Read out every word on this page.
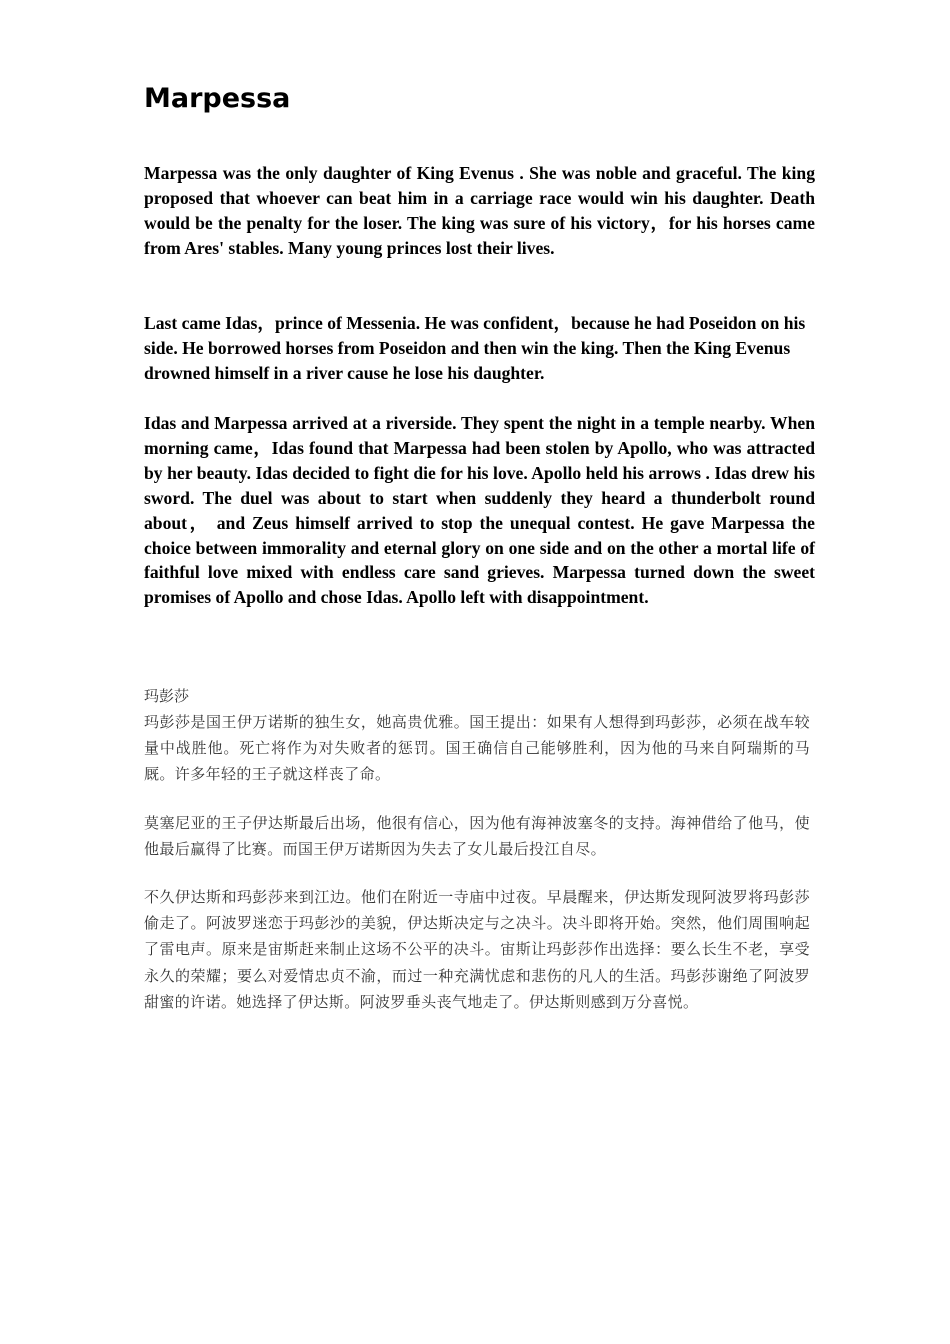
Marpessa

Marpessa was the only daughter of King Evenus . She was noble and graceful. The king proposed that whoever can beat him in a carriage race would win his daughter. Death would be the penalty for the loser. The king was sure of his victory，for his horses came from Ares' stables. Many young princes lost their lives.

Last came Idas，prince of Messenia. He was confident，because he had Poseidon on his side. He borrowed horses from Poseidon and then win the king. Then the King Evenus drowned himself in a river cause he lose his daughter.

Idas and Marpessa arrived at a riverside. They spent the night in a temple nearby. When morning came，Idas found that Marpessa had been stolen by Apollo, who was attracted by her beauty. Idas decided to fight die for his love. Apollo held his arrows . Idas drew his sword. The duel was about to start when suddenly they heard a thunderbolt round about， and Zeus himself arrived to stop the unequal contest. He gave Marpessa the choice between immorality and eternal glory on one side and on the other a mortal life of faithful love mixed with endless care sand grieves. Marpessa turned down the sweet promises of Apollo and chose Idas. Apollo left with disappointment.

玛彭莎

玛彭莎是国王伊万诺斯的独生女，她高贵优雅。国王提出：如果有人想得到玛彭莎，必须在战车较量中战胜他。死亡将作为对失败者的惩罚。国王确信自己能够胜利，因为他的马来自阿瑞斯的马厩。许多年轻的王子就这样丧了命。

莫塞尼亚的王子伊达斯最后出场，他很有信心，因为他有海神波塞冬的支持。海神借给了他马，使他最后赢得了比赛。而国王伊万诺斯因为失去了女儿最后投江自尽。

不久伊达斯和玛彭莎来到江边。他们在附近一寺庙中过夜。早晨醒来，伊达斯发现阿波罗将玛彭莎偷走了。阿波罗迷恋于玛彭沙的美貌，伊达斯决定与之决斗。决斗即将开始。突然，他们周围响起了雷电声。原来是宙斯赶来制止这场不公平的决斗。宙斯让玛彭莎作出选择：要么长生不老，享受永久的荣耀；要么对爱情忠贞不渝，而过一种充满忧虑和悲伤的凡人的生活。玛彭莎谢绝了阿波罗甜蜜的许诺。她选择了伊达斯。阿波罗垂头丧气地走了。伊达斯则感到万分喜悦。
